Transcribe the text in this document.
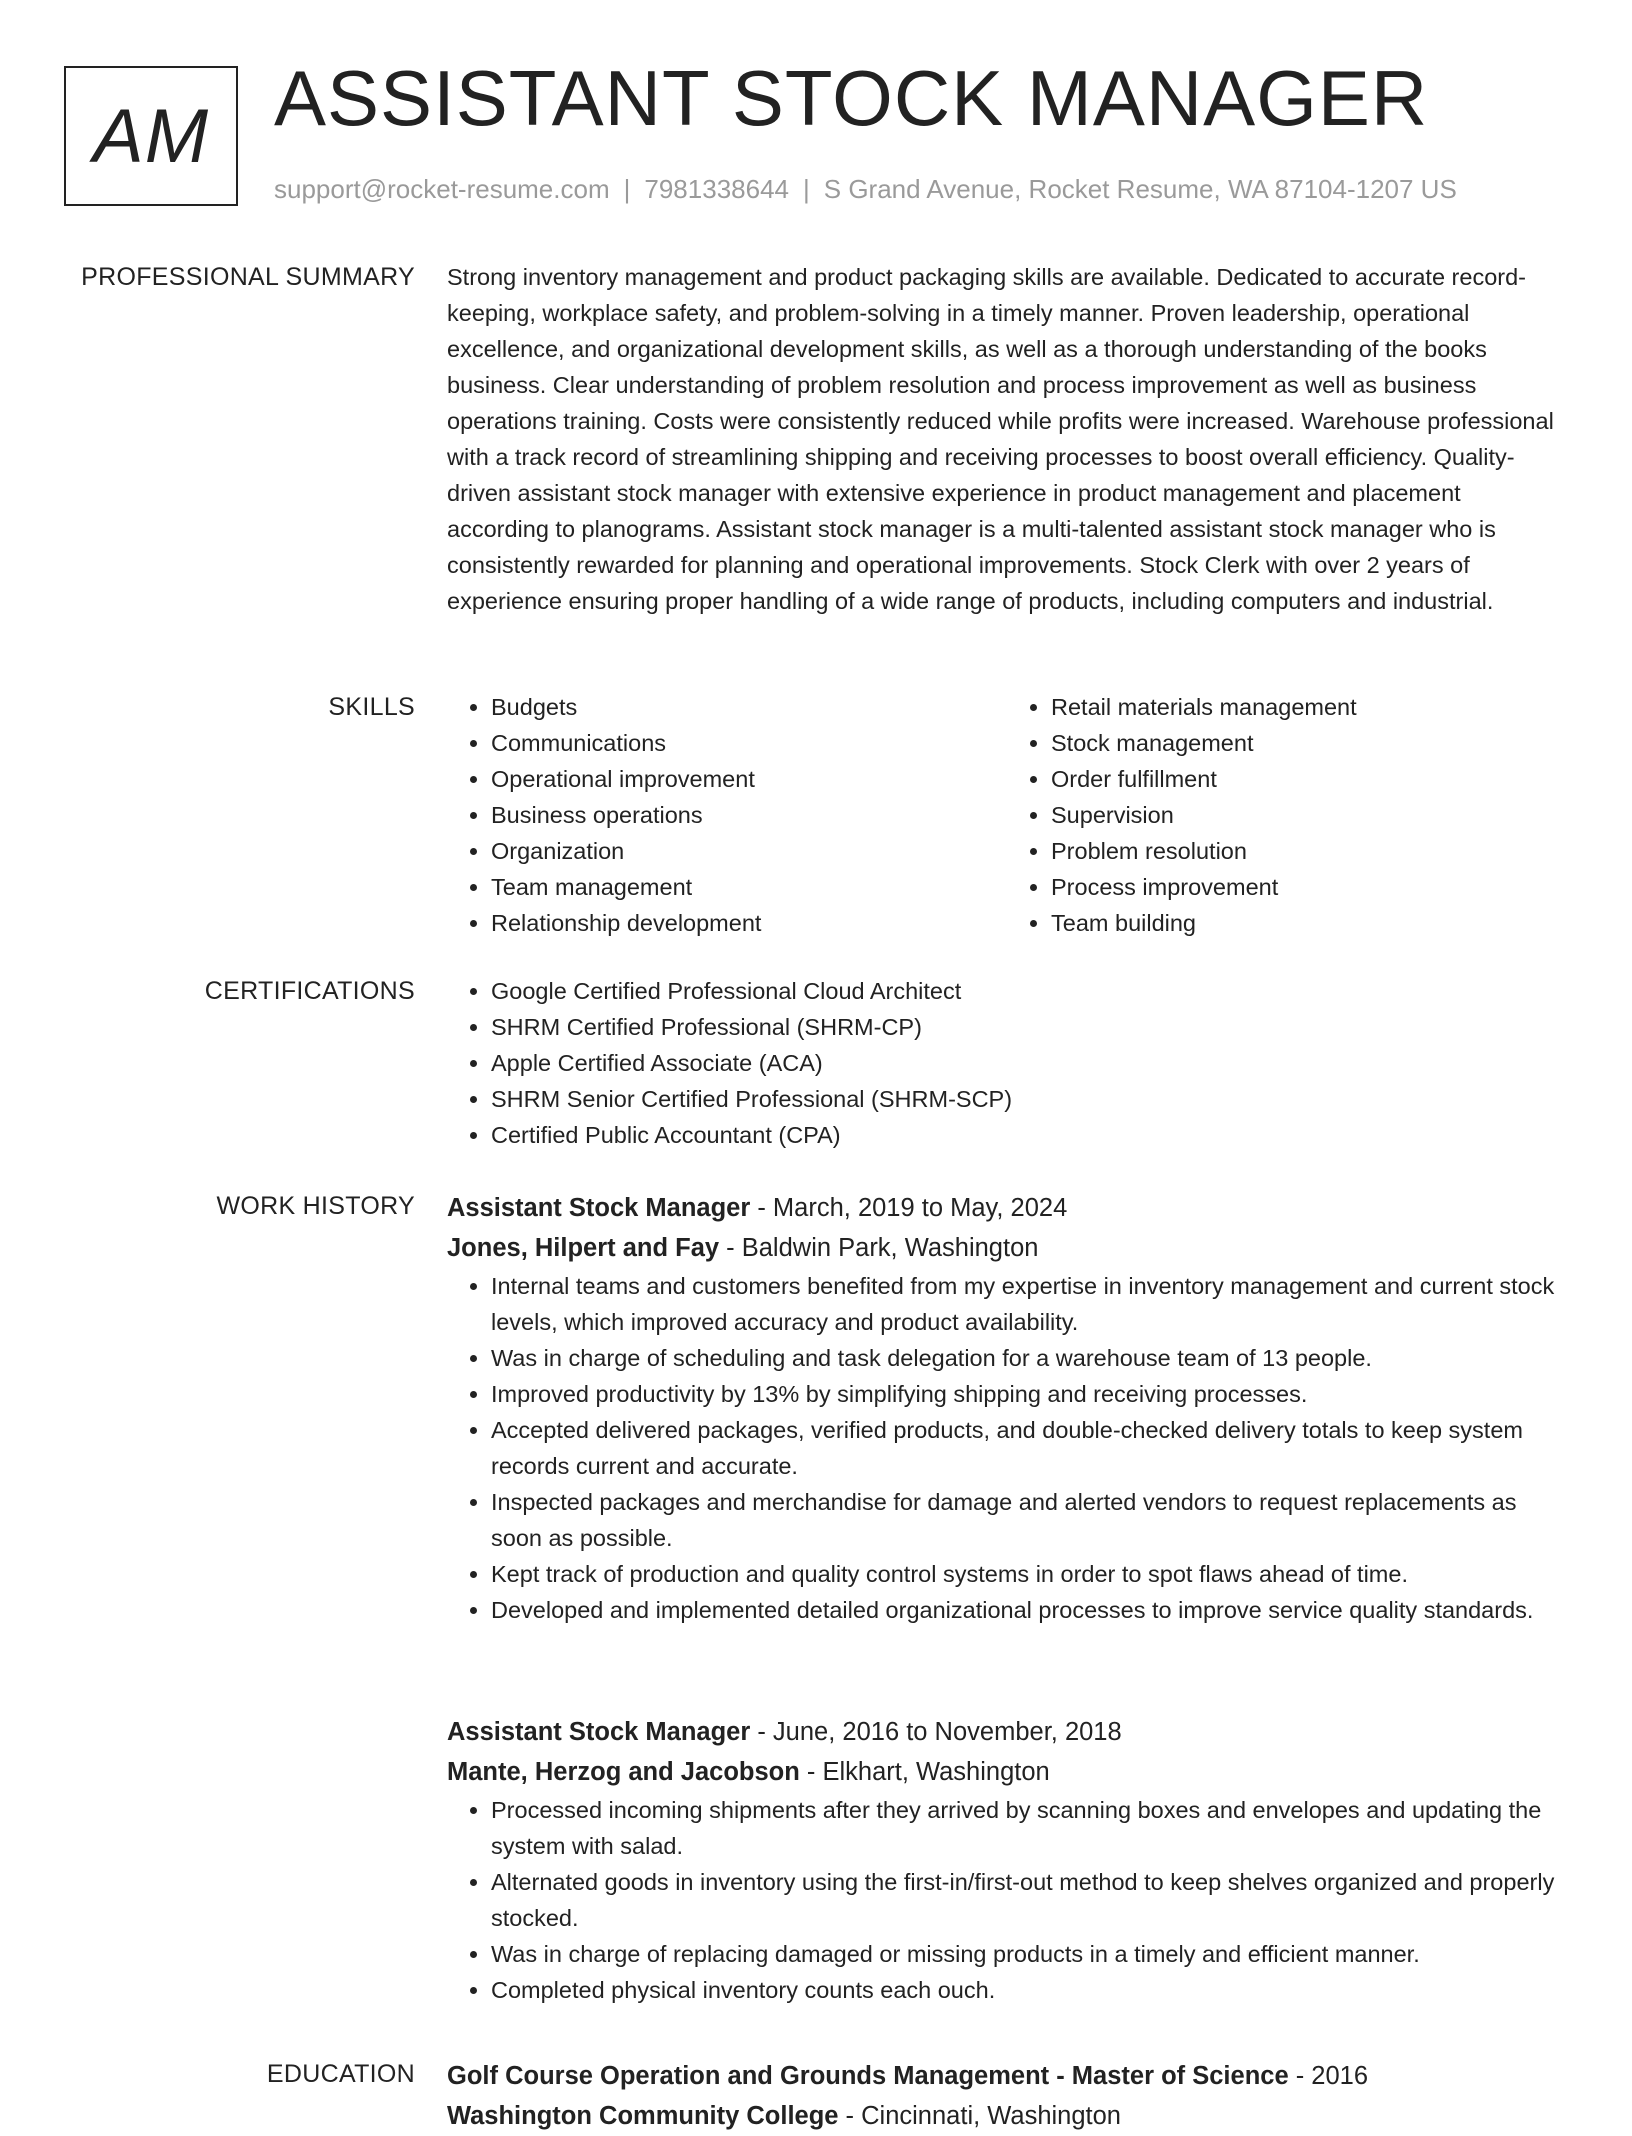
AM ASSISTANT STOCK MANAGER
support@rocket-resume.com | 7981338644 | S Grand Avenue, Rocket Resume, WA 87104-1207 US
PROFESSIONAL SUMMARY Strong inventory management and product packaging skills are available. Dedicated to accurate record-keeping, workplace safety, and problem-solving in a timely manner. Proven leadership, operational excellence, and organizational development skills, as well as a thorough understanding of the books business. Clear understanding of problem resolution and process improvement as well as business operations training. Costs were consistently reduced while profits were increased. Warehouse professional with a track record of streamlining shipping and receiving processes to boost overall efficiency. Quality-driven assistant stock manager with extensive experience in product management and placement according to planograms. Assistant stock manager is a multi-talented assistant stock manager who is consistently rewarded for planning and operational improvements. Stock Clerk with over 2 years of experience ensuring proper handling of a wide range of products, including computers and industrial.

SKILLS	• Budgets
• Communications
• Operational improvement
• Business operations
• Organization
• Team management
• Relationship development
• Retail materials management
• Stock management
• Order fulfillment
• Supervision
• Problem resolution
• Process improvement
• Team building
CERTIFICATIONS	• Google Certified Professional Cloud Architect
• SHRM Certified Professional (SHRM-CP)
• Apple Certified Associate (ACA)
• SHRM Senior Certified Professional (SHRM-SCP)
• Certified Public Accountant (CPA)
WORK HISTORY Assistant Stock Manager - March, 2019 to May, 2024
Jones, Hilpert and Fay - Baldwin Park, Washington
• Internal teams and customers benefited from my expertise in inventory management and current stock levels, which improved accuracy and product availability.
• Was in charge of scheduling and task delegation for a warehouse team of 13 people.
• Improved productivity by 13% by simplifying shipping and receiving processes.
• Accepted delivered packages, verified products, and double-checked delivery totals to keep system records current and accurate.
• Inspected packages and merchandise for damage and alerted vendors to request replacements as soon as possible.
• Kept track of production and quality control systems in order to spot flaws ahead of time.
• Developed and implemented detailed organizational processes to improve service quality standards.
Assistant Stock Manager - June, 2016 to November, 2018
Mante, Herzog and Jacobson - Elkhart, Washington
• Processed incoming shipments after they arrived by scanning boxes and envelopes and updating the system with salad.
• Alternated goods in inventory using the first-in/first-out method to keep shelves organized and properly stocked.
• Was in charge of replacing damaged or missing products in a timely and efficient manner.
• Completed physical inventory counts each ouch.
EDUCATION Golf Course Operation and Grounds Management - Master of Science - 2016
Washington Community College - Cincinnati, Washington
